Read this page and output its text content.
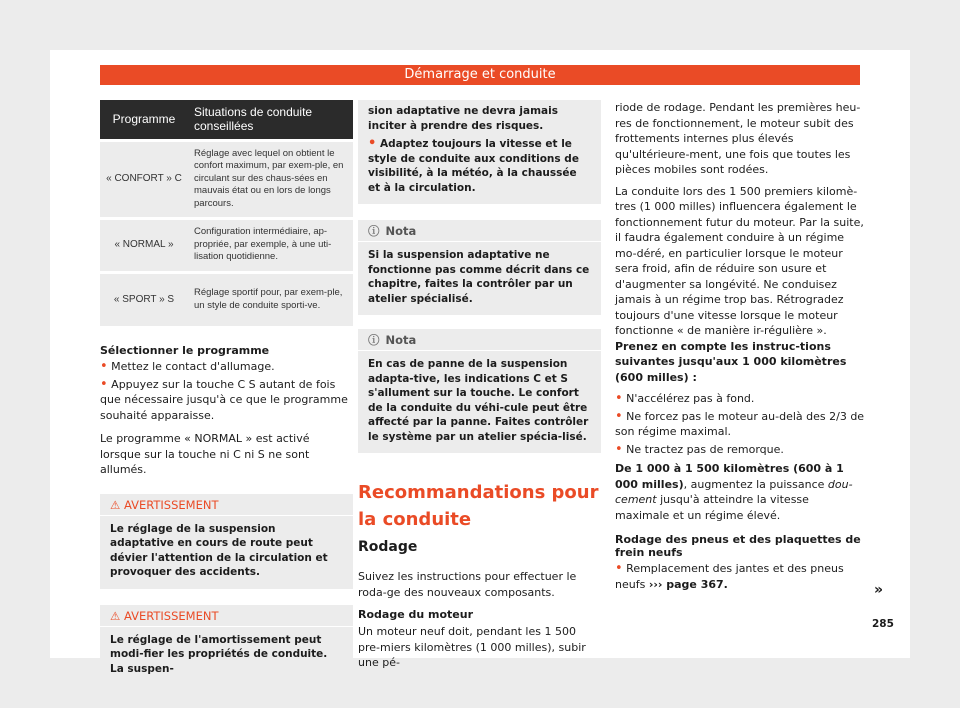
Démarrage et conduite
Programme	Situations de conduite conseillées
« CONFORT » C	Réglage avec lequel on obtient le confort maximum, par exem-ple, en circulant sur des chaus-sées en mauvais état ou en lors de longs parcours.
« NORMAL »	Configuration intermédiaire, ap-propriée, par exemple, à une uti-lisation quotidienne.
« SPORT » S	Réglage sportif pour, par exem-ple, un style de conduite sporti-ve.
Sélectionner le programme
• Mettez le contact d'allumage.
• Appuyez sur la touche C S autant de fois que nécessaire jusqu'à ce que le programme souhaité apparaisse.

Le programme « NORMAL » est activé lorsque sur la touche ni C ni S ne sont allumés.

⚠ AVERTISSEMENT
Le réglage de la suspension adaptative en cours de route peut dévier l'attention de la circulation et provoquer des accidents.
⚠ AVERTISSEMENT
Le réglage de l'amortissement peut modi-fier les propriétés de conduite. La suspen-
sion adaptative ne devra jamais inciter à prendre des risques.
• Adaptez toujours la vitesse et le style de conduite aux conditions de visibilité, à la météo, à la chaussée et à la circulation.
ⓘ Nota
Si la suspension adaptative ne fonctionne pas comme décrit dans ce chapitre, faites la contrôler par un atelier spécialisé.
ⓘ Nota
En cas de panne de la suspension adapta-tive, les indications C et S s'allument sur la touche. Le confort de la conduite du véhi-cule peut être affecté par la panne. Faites contrôler le système par un atelier spécia-lisé.
Recommandations pour la conduite
Rodage

Suivez les instructions pour effectuer le roda-ge des nouveaux composants.

Rodage du moteur

Un moteur neuf doit, pendant les 1 500 pre-miers kilomètres (1 000 milles), subir une pé-

riode de rodage. Pendant les premières heu-res de fonctionnement, le moteur subit des frottements internes plus élevés qu'ultérieure-ment, une fois que toutes les pièces mobiles sont rodées.

La conduite lors des 1 500 premiers kilomè-tres (1 000 milles) influencera également le fonctionnement futur du moteur. Par la suite, il faudra également conduire à un régime mo-déré, en particulier lorsque le moteur sera froid, afin de réduire son usure et d'augmenter sa longévité. Ne conduisez jamais à un régime trop bas. Rétrogradez toujours d'une vitesse lorsque le moteur fonctionne « de manière ir-régulière ». Prenez en compte les instruc-tions suivantes jusqu'aux 1 000 kilomètres (600 milles) :

• N'accélérez pas à fond.
• Ne forcez pas le moteur au-delà des 2/3 de son régime maximal.
• Ne tractez pas de remorque.

De 1 000 à 1 500 kilomètres (600 à 1 000 milles), augmentez la puissance dou-cement jusqu'à atteindre la vitesse maximale et un régime élevé.

Rodage des pneus et des plaquettes de frein neufs
• Remplacement des jantes et des pneus neufs ››› page 367.	»
285
